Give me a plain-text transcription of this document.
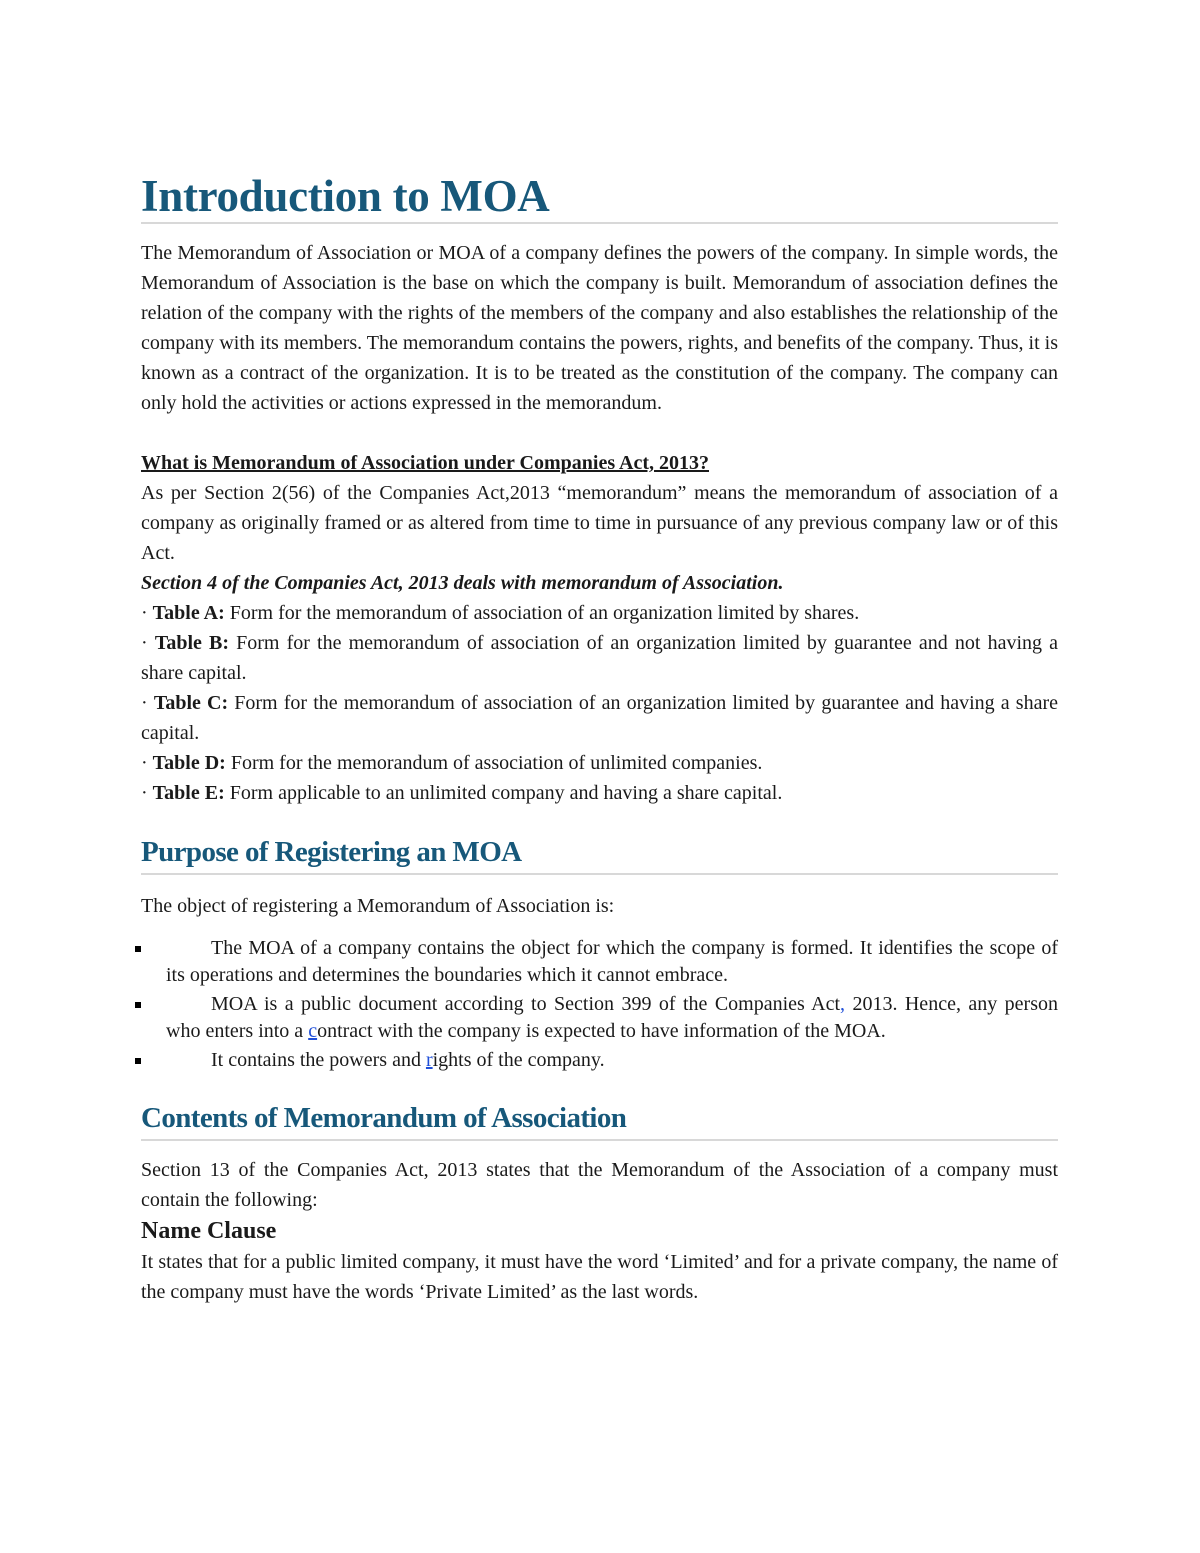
Introduction to MOA

The Memorandum of Association or MOA of a company defines the powers of the company. In simple words, the Memorandum of Association is the base on which the company is built. Memorandum of association defines the relation of the company with the rights of the members of the company and also establishes the relationship of the company with its members. The memorandum contains the powers, rights, and benefits of the company. Thus, it is known as a contract of the organization. It is to be treated as the constitution of the company. The company can only hold the activities or actions expressed in the memorandum.

What is Memorandum of Association under Companies Act, 2013?

As per Section 2(56) of the Companies Act,2013 “memorandum” means the memorandum of association of a company as originally framed or as altered from time to time in pursuance of any previous company law or of this Act.

Section 4 of the Companies Act, 2013 deals with memorandum of Association.

· Table A: Form for the memorandum of association of an organization limited by shares.

· Table B: Form for the memorandum of association of an organization limited by guarantee and not having a share capital.

· Table C: Form for the memorandum of association of an organization limited by guarantee and having a share capital.

· Table D: Form for the memorandum of association of unlimited companies.

· Table E: Form applicable to an unlimited company and having a share capital.

Purpose of Registering an MOA

The object of registering a Memorandum of Association is:

The MOA of a company contains the object for which the company is formed. It identifies the scope of its operations and determines the boundaries which it cannot embrace.
MOA is a public document according to Section 399 of the Companies Act, 2013. Hence, any person who enters into a contract with the company is expected to have information of the MOA.
It contains the powers and rights of the company.
Contents of Memorandum of Association

Section 13 of the Companies Act, 2013 states that the Memorandum of the Association of a company must contain the following:

Name Clause

It states that for a public limited company, it must have the word ‘Limited’ and for a private company, the name of the company must have the words ‘Private Limited’ as the last words.
